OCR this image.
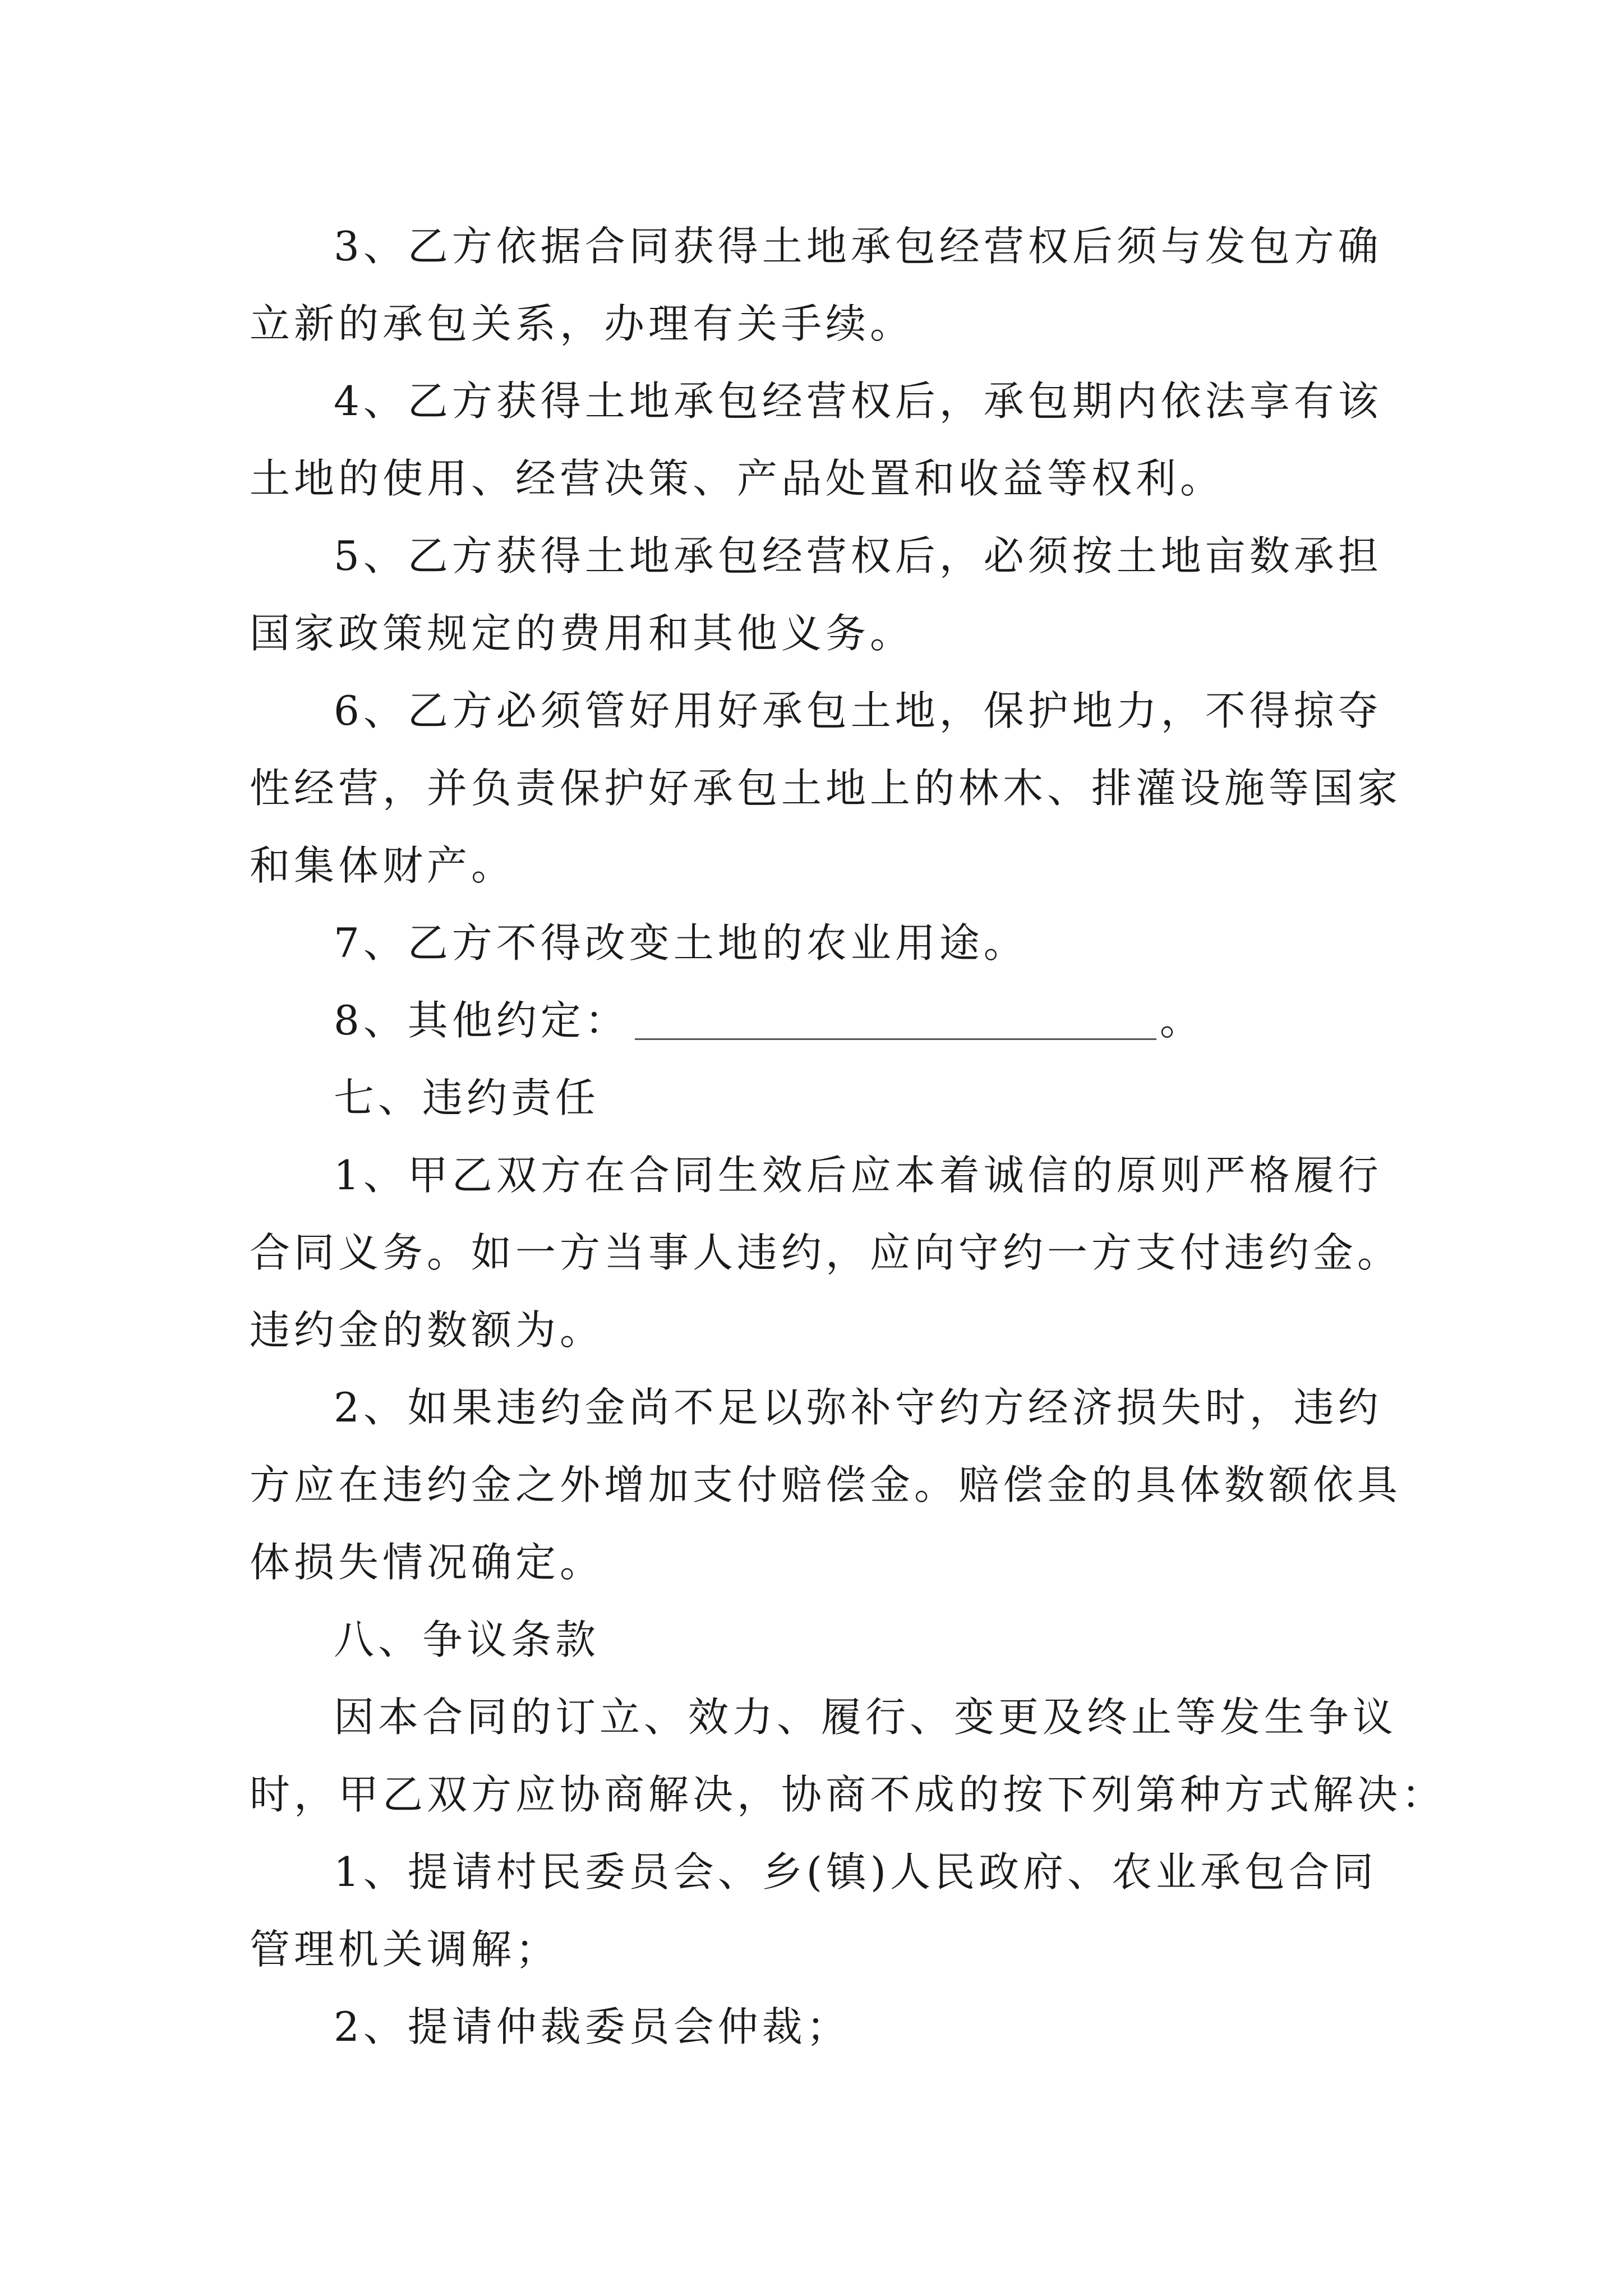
3、乙方依据合同获得土地承包经营权后须与发包方确
立新的承包关系，办理有关手续。
4、乙方获得土地承包经营权后，承包期内依法享有该
土地的使用、经营决策、产品处置和收益等权利。
5、乙方获得土地承包经营权后，必须按土地亩数承担
国家政策规定的费用和其他义务。
6、乙方必须管好用好承包土地，保护地力，不得掠夺
性经营，并负责保护好承包土地上的林木、排灌设施等国家
和集体财产。
7、乙方不得改变土地的农业用途。
8、其他约定：	。
七、违约责任
1、甲乙双方在合同生效后应本着诚信的原则严格履行
合同义务。如一方当事人违约，应向守约一方支付违约金。
违约金的数额为。
2、如果违约金尚不足以弥补守约方经济损失时，违约
方应在违约金之外增加支付赔偿金。赔偿金的具体数额依具
体损失情况确定。
八、争议条款
因本合同的订立、效力、履行、变更及终止等发生争议
时，甲乙双方应协商解决，协商不成的按下列第种方式解决：
1、提请村民委员会、乡(镇)人民政府、农业承包合同
管理机关调解；
2、提请仲裁委员会仲裁；
